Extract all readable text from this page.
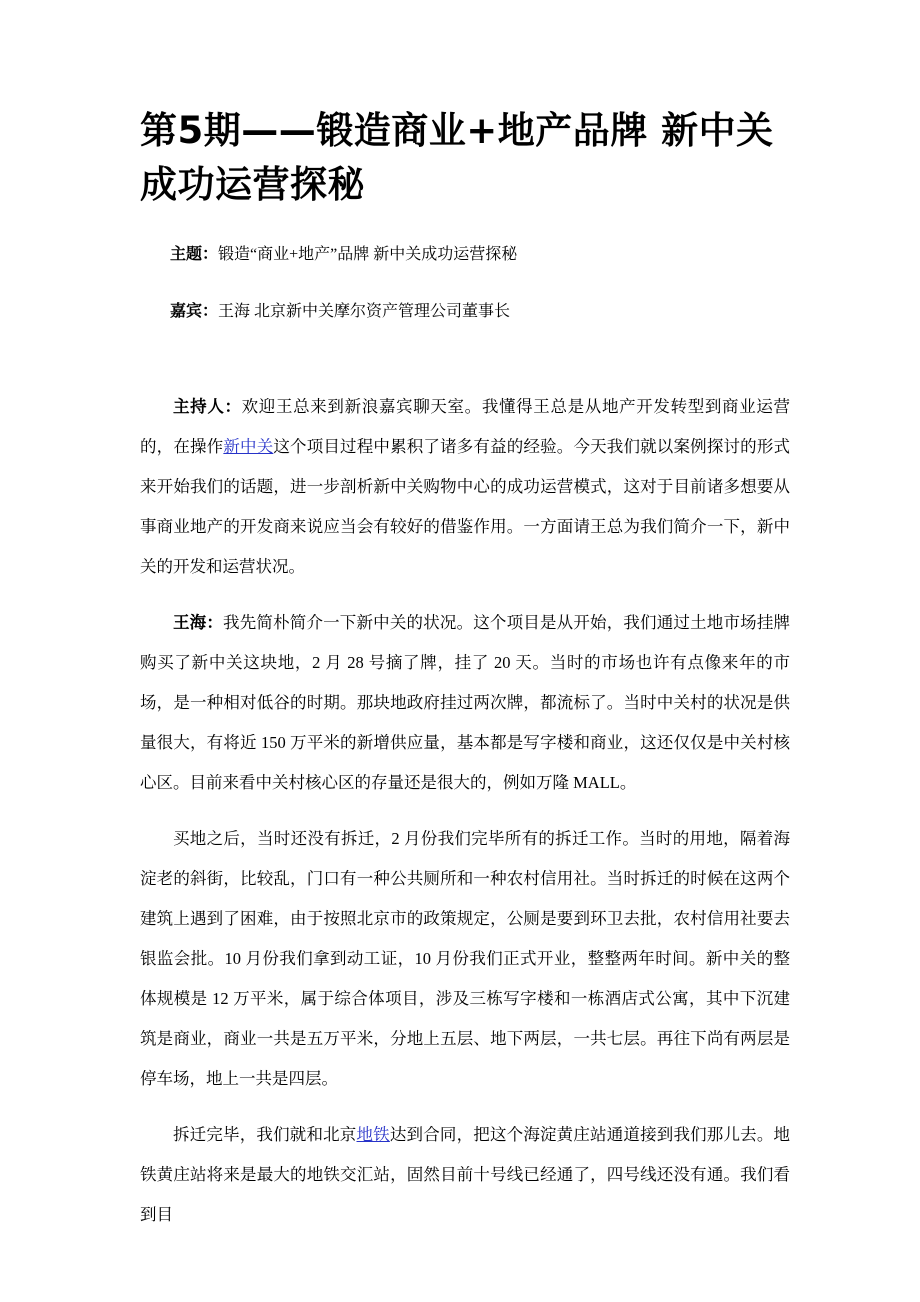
第5期——锻造商业+地产品牌 新中关成功运营探秘

主题：锻造“商业+地产”品牌 新中关成功运营探秘

嘉宾：王海 北京新中关摩尔资产管理公司董事长

主持人：欢迎王总来到新浪嘉宾聊天室。我懂得王总是从地产开发转型到商业运营的，在操作新中关这个项目过程中累积了诸多有益的经验。今天我们就以案例探讨的形式来开始我们的话题，进一步剖析新中关购物中心的成功运营模式，这对于目前诸多想要从事商业地产的开发商来说应当会有较好的借鉴作用。一方面请王总为我们简介一下，新中关的开发和运营状况。

王海：我先简朴简介一下新中关的状况。这个项目是从开始，我们通过土地市场挂牌购买了新中关这块地，2 月 28 号摘了牌，挂了 20 天。当时的市场也许有点像来年的市场，是一种相对低谷的时期。那块地政府挂过两次牌，都流标了。当时中关村的状况是供量很大，有将近 150 万平米的新增供应量，基本都是写字楼和商业，这还仅仅是中关村核心区。目前来看中关村核心区的存量还是很大的，例如万隆 MALL。

买地之后，当时还没有拆迁，2 月份我们完毕所有的拆迁工作。当时的用地，隔着海淀老的斜街，比较乱，门口有一种公共厕所和一种农村信用社。当时拆迁的时候在这两个建筑上遇到了困难，由于按照北京市的政策规定，公厕是要到环卫去批，农村信用社要去银监会批。10 月份我们拿到动工证，10 月份我们正式开业，整整两年时间。新中关的整体规模是 12 万平米，属于综合体项目，涉及三栋写字楼和一栋酒店式公寓，其中下沉建筑是商业，商业一共是五万平米，分地上五层、地下两层，一共七层。再往下尚有两层是停车场，地上一共是四层。

拆迁完毕，我们就和北京地铁达到合同，把这个海淀黄庄站通道接到我们那儿去。地铁黄庄站将来是最大的地铁交汇站，固然目前十号线已经通了，四号线还没有通。我们看到目
